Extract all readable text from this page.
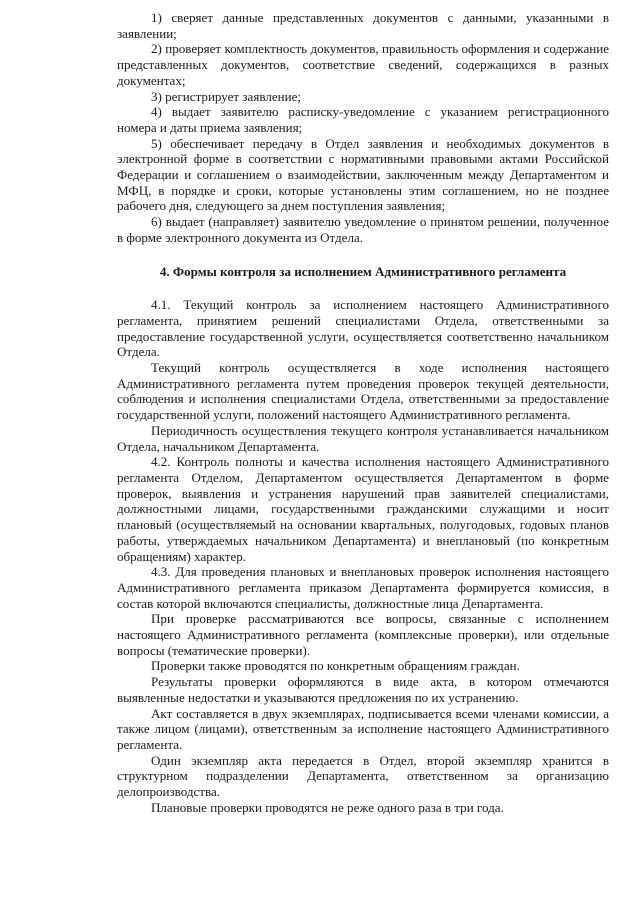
1) сверяет данные представленных документов с данными, указанными в заявлении;

2) проверяет комплектность документов, правильность оформления и содержание представленных документов, соответствие сведений, содержащихся в разных документах;

3) регистрирует заявление;

4) выдает заявителю расписку-уведомление с указанием регистрационного номера и даты приема заявления;

5) обеспечивает передачу в Отдел заявления и необходимых документов в электронной форме в соответствии с нормативными правовыми актами Российской Федерации и соглашением о взаимодействии, заключенным между Департаментом и МФЦ, в порядке и сроки, которые установлены этим соглашением, но не позднее рабочего дня, следующего за днем поступления заявления;

6) выдает (направляет) заявителю уведомление о принятом решении, полученное в форме электронного документа из Отдела.

4. Формы контроля за исполнением Административного регламента

4.1. Текущий контроль за исполнением настоящего Административного регламента, принятием решений специалистами Отдела, ответственными за предоставление государственной услуги, осуществляется соответственно начальником Отдела.

Текущий контроль осуществляется в ходе исполнения настоящего Административного регламента путем проведения проверок текущей деятельности, соблюдения и исполнения специалистами Отдела, ответственными за предоставление государственной услуги, положений настоящего Административного регламента.

Периодичность осуществления текущего контроля устанавливается начальником Отдела, начальником Департамента.

4.2. Контроль полноты и качества исполнения настоящего Административного регламента Отделом, Департаментом осуществляется Департаментом в форме проверок, выявления и устранения нарушений прав заявителей специалистами, должностными лицами, государственными гражданскими служащими и носит плановый (осуществляемый на основании квартальных, полугодовых, годовых планов работы, утверждаемых начальником Департамента) и внеплановый (по конкретным обращениям) характер.

4.3. Для проведения плановых и внеплановых проверок исполнения настоящего Административного регламента приказом Департамента формируется комиссия, в состав которой включаются специалисты, должностные лица Департамента.

При проверке рассматриваются все вопросы, связанные с исполнением настоящего Административного регламента (комплексные проверки), или отдельные вопросы (тематические проверки).

Проверки также проводятся по конкретным обращениям граждан.

Результаты проверки оформляются в виде акта, в котором отмечаются выявленные недостатки и указываются предложения по их устранению.

Акт составляется в двух экземплярах, подписывается всеми членами комиссии, а также лицом (лицами), ответственным за исполнение настоящего Административного регламента.

Один экземпляр акта передается в Отдел, второй экземпляр хранится в структурном подразделении Департамента, ответственном за организацию делопроизводства.

Плановые проверки проводятся не реже одного раза в три года.
